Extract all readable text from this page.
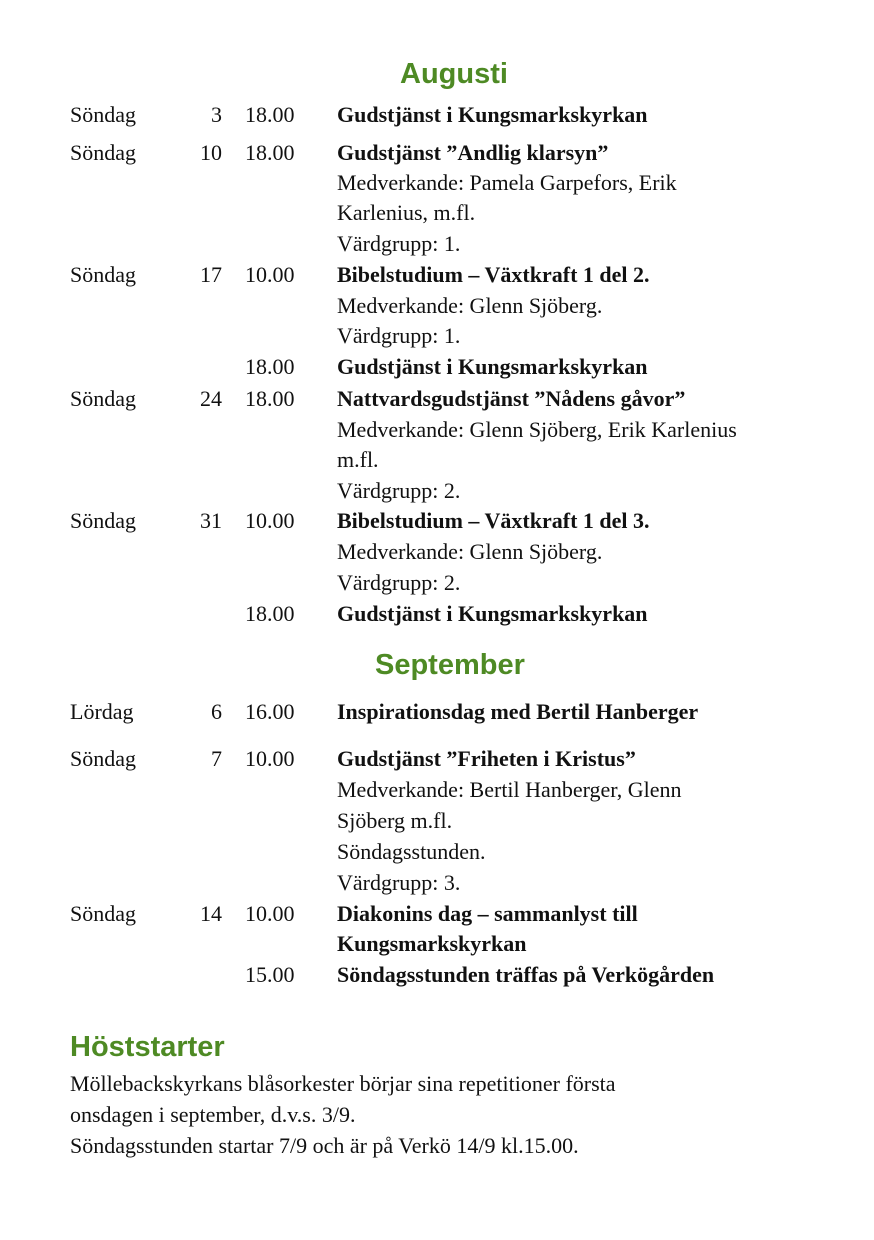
Augusti
Söndag	3 18.00 Gudstjänst i Kungsmarkskyrkan
Söndag	10 18.00 Gudstjänst ”Andlig klarsyn”
Medverkande: Pamela Garpefors, Erik
Karlenius, m.fl.
Värdgrupp: 1.
Söndag	17 10.00 Bibelstudium – Växtkraft 1 del 2.
Medverkande: Glenn Sjöberg.
Värdgrupp: 1.
18.00 Gudstjänst i Kungsmarkskyrkan
Söndag	24 18.00 Nattvardsgudstjänst ”Nådens gåvor”
Medverkande: Glenn Sjöberg, Erik Karlenius
m.fl.
Värdgrupp: 2.
Söndag	31 10.00 Bibelstudium – Växtkraft 1 del 3.
Medverkande: Glenn Sjöberg.
Värdgrupp: 2.
18.00 Gudstjänst i Kungsmarkskyrkan
September
Lördag	6 16.00 Inspirationsdag med Bertil Hanberger
Söndag	7 10.00 Gudstjänst ”Friheten i Kristus”
Medverkande: Bertil Hanberger, Glenn
Sjöberg m.fl.
Söndagsstunden.
Värdgrupp: 3.
Söndag	14 10.00 Diakonins dag – sammanlyst till
Kungsmarkskyrkan
15.00 Söndagsstunden träffas på Verkögården
Höststarter
Möllebackskyrkans blåsorkester börjar sina repetitioner första
onsdagen i september, d.v.s. 3/9.
Söndagsstunden startar 7/9 och är på Verkö 14/9 kl.15.00.
